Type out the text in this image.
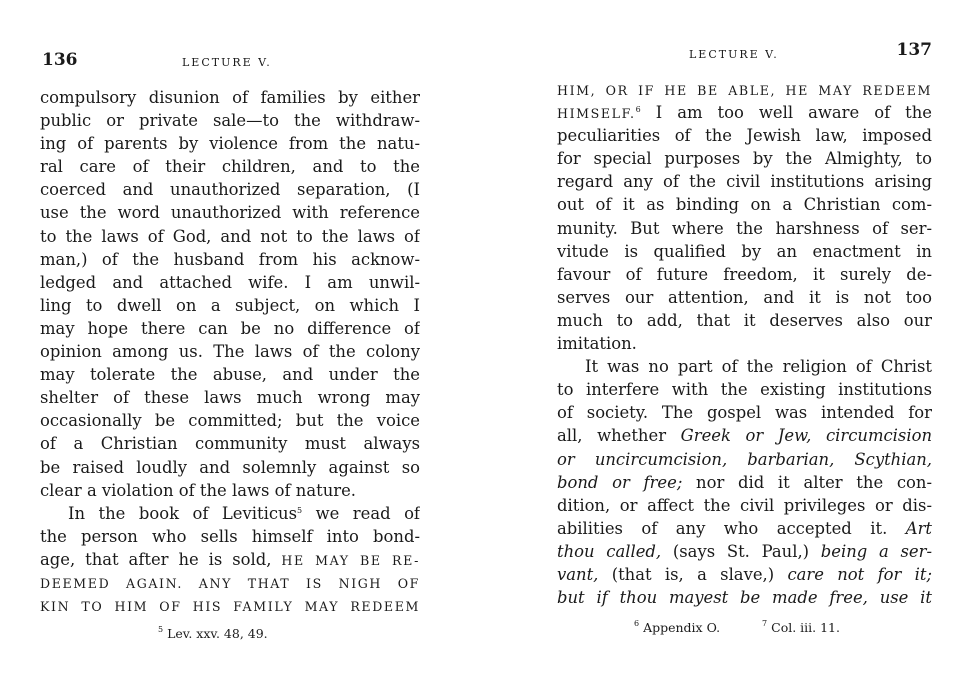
136	LECTURE V.
compulsory disunion of families by either
public or private sale—to the withdraw-
ing of parents by violence from the natu-
ral care of their children, and to the
coerced and unauthorized separation, (I
use the word unauthorized with reference
to the laws of God, and not to the laws of
man,) of the husband from his acknow-
ledged and attached wife. I am unwil-
ling to dwell on a subject, on which I
may hope there can be no difference of
opinion among us. The laws of the colony
may tolerate the abuse, and under the
shelter of these laws much wrong may
occasionally be committed; but the voice
of a Christian community must always
be raised loudly and solemnly against so
clear a violation of the laws of nature.
In the book of Leviticus$^5$ we read of
the person who sells himself into bond-
age, that after he is sold, HE MAY BE RE-
DEEMED AGAIN. ANY THAT IS NIGH OF
KIN TO HIM OF HIS FAMILY MAY REDEEM
$^5$ Lev. xxv. 48, 49.
LECTURE V.	137
HIM, OR IF HE BE ABLE, HE MAY REDEEM
HIMSELF.$^6$ I am too well aware of the
peculiarities of the Jewish law, imposed
for special purposes by the Almighty, to
regard any of the civil institutions arising
out of it as binding on a Christian com-
munity. But where the harshness of ser-
vitude is qualified by an enactment in
favour of future freedom, it surely de-
serves our attention, and it is not too
much to add, that it deserves also our
imitation.
It was no part of the religion of Christ
to interfere with the existing institutions
of society. The gospel was intended for
all, whether Greek or Jew, circumcision
or uncircumcision, barbarian, Scythian,
bond or free; nor did it alter the con-
dition, or affect the civil privileges or dis-
abilities of any who accepted it. Art
thou called, (says St. Paul,) being a ser-
vant, (that is, a slave,) care not for it;
but if thou mayest be made free, use it
$^6$ Appendix O.	$^7$ Col. iii. 11.
